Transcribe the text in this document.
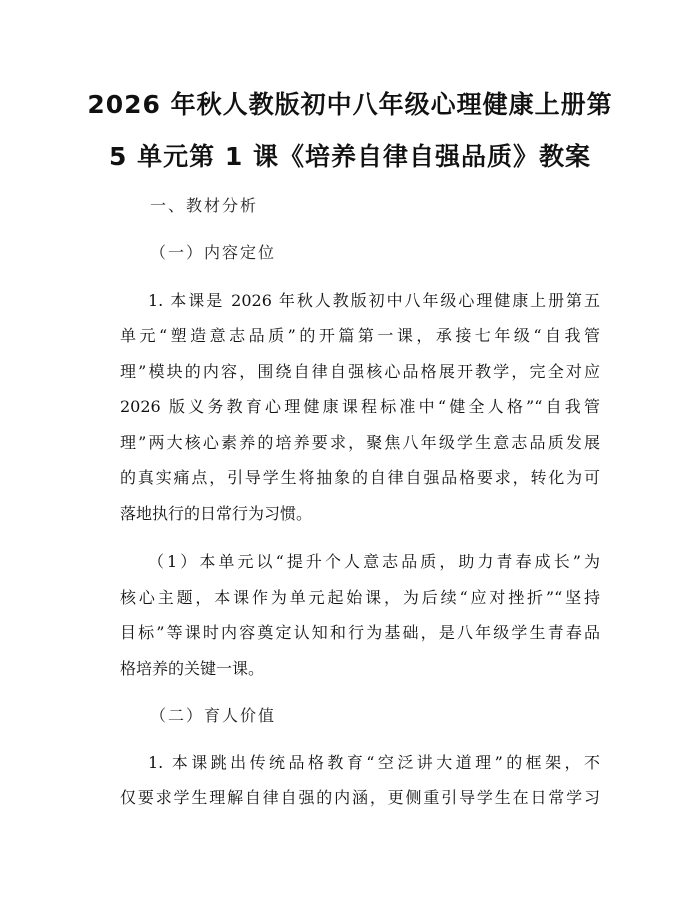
2026 年秋人教版初中八年级心理健康上册第
5 单元第 1 课《培养自律自强品质》教案
一、教材分析
（一）内容定位
1. 本课是 2026 年秋人教版初中八年级心理健康上册第五
单元“塑造意志品质”的开篇第一课，承接七年级“自我管
理”模块的内容，围绕自律自强核心品格展开教学，完全对应
2026 版义务教育心理健康课程标准中“健全人格”“自我管
理”两大核心素养的培养要求，聚焦八年级学生意志品质发展
的真实痛点，引导学生将抽象的自律自强品格要求，转化为可
落地执行的日常行为习惯。
（1）本单元以“提升个人意志品质，助力青春成长”为
核心主题，本课作为单元起始课，为后续“应对挫折”“坚持
目标”等课时内容奠定认知和行为基础，是八年级学生青春品
格培养的关键一课。
（二）育人价值
1. 本课跳出传统品格教育“空泛讲大道理”的框架，不
仅要求学生理解自律自强的内涵，更侧重引导学生在日常学习
